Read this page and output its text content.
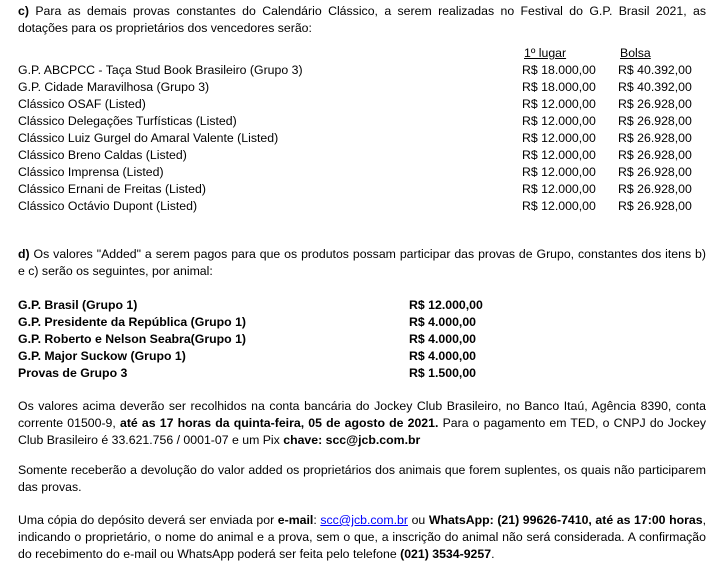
c) Para as demais provas constantes do Calendário Clássico, a serem realizadas no Festival do G.P. Brasil 2021, as dotações para os proprietários dos vencedores serão:
1º lugar	Bolsa
G.P. ABCPCC - Taça Stud Book Brasileiro (Grupo 3)	R$ 18.000,00 R$ 40.392,00
G.P. Cidade Maravilhosa (Grupo 3)	R$ 18.000,00 R$ 40.392,00
Clássico OSAF (Listed)	R$ 12.000,00 R$ 26.928,00
Clássico Delegações Turfísticas (Listed)	R$ 12.000,00 R$ 26.928,00
Clássico Luiz Gurgel do Amaral Valente (Listed)	R$ 12.000,00 R$ 26.928,00
Clássico Breno Caldas (Listed)	R$ 12.000,00 R$ 26.928,00
Clássico Imprensa (Listed)	R$ 12.000,00 R$ 26.928,00
Clássico Ernani de Freitas (Listed)	R$ 12.000,00 R$ 26.928,00
Clássico Octávio Dupont (Listed)	R$ 12.000,00 R$ 26.928,00
d) Os valores "Added" a serem pagos para que os produtos possam participar das provas de Grupo, constantes dos itens b) e c) serão os seguintes, por animal:
G.P. Brasil (Grupo 1)	R$ 12.000,00
G.P. Presidente da República (Grupo 1)	R$ 4.000,00
G.P. Roberto e Nelson Seabra(Grupo 1)	R$ 4.000,00
G.P. Major Suckow (Grupo 1)	R$ 4.000,00
Provas de Grupo 3	R$ 1.500,00
Os valores acima deverão ser recolhidos na conta bancária do Jockey Club Brasileiro, no Banco Itaú, Agência 8390, conta corrente 01500-9, até as 17 horas da quinta-feira, 05 de agosto de 2021. Para o pagamento em TED, o CNPJ do Jockey Club Brasileiro é 33.621.756 / 0001-07 e um Pix chave: scc@jcb.com.br
Somente receberão a devolução do valor added os proprietários dos animais que forem suplentes, os quais não participarem das provas.
Uma cópia do depósito deverá ser enviada por e-mail: scc@jcb.com.br ou WhatsApp: (21) 99626-7410, até as 17:00 horas, indicando o proprietário, o nome do animal e a prova, sem o que, a inscrição do animal não será considerada. A confirmação do recebimento do e-mail ou WhatsApp poderá ser feita pelo telefone (021) 3534-9257.
